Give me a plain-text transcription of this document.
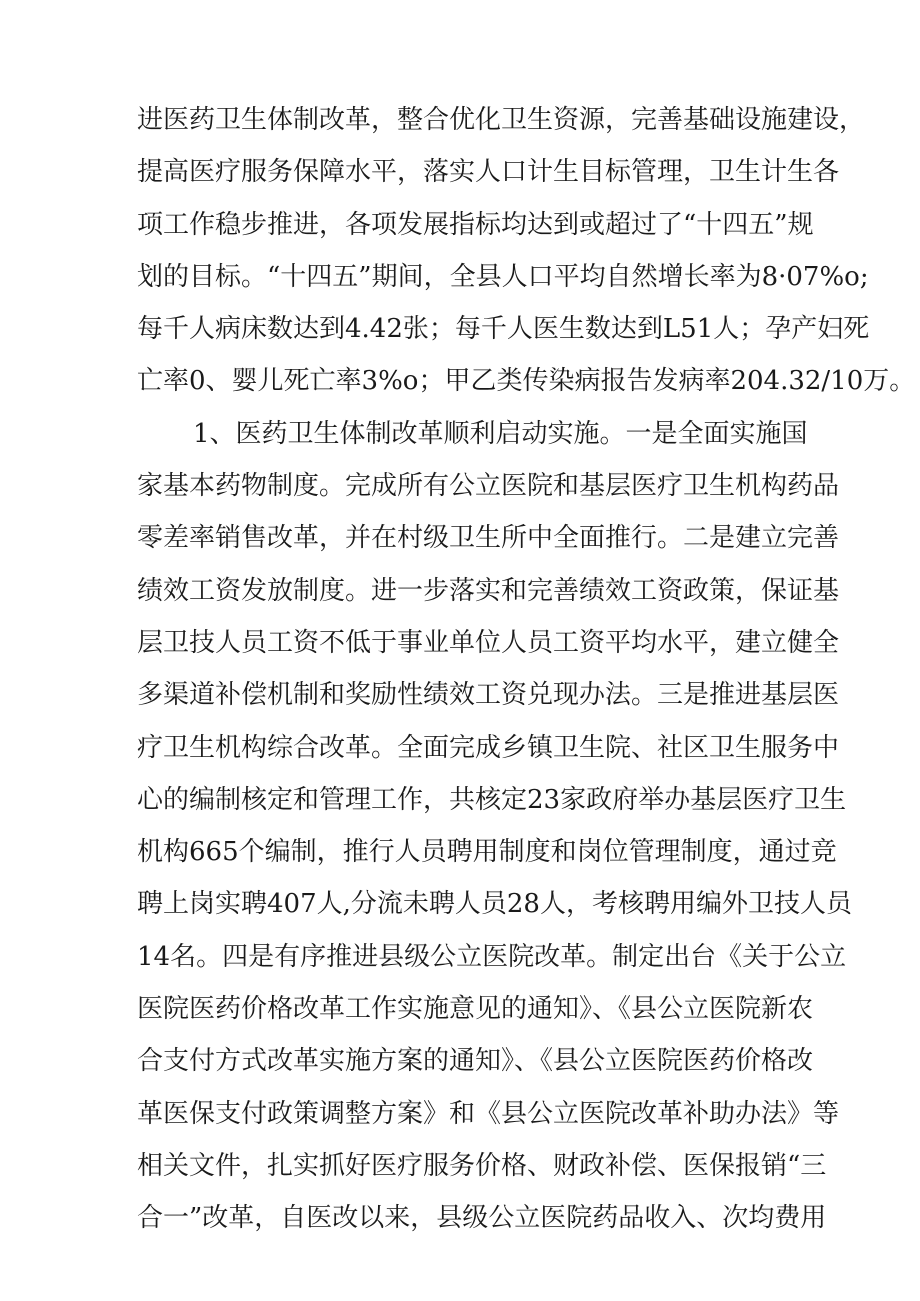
进医药卫生体制改革，整合优化卫生资源，完善基础设施建设，
提高医疗服务保障水平，落实人口计生目标管理，卫生计生各
项工作稳步推进，各项发展指标均达到或超过了“十四五”规
划的目标。“十四五”期间，全县人口平均自然增长率为8·07%o;
每千人病床数达到4.42张；每千人医生数达到L51人；孕产妇死
亡率0、婴儿死亡率3%o；甲乙类传染病报告发病率204.32/10万。
1、医药卫生体制改革顺利启动实施。一是全面实施国
家基本药物制度。完成所有公立医院和基层医疗卫生机构药品
零差率销售改革，并在村级卫生所中全面推行。二是建立完善
绩效工资发放制度。进一步落实和完善绩效工资政策，保证基
层卫技人员工资不低于事业单位人员工资平均水平，建立健全
多渠道补偿机制和奖励性绩效工资兑现办法。三是推进基层医
疗卫生机构综合改革。全面完成乡镇卫生院、社区卫生服务中
心的编制核定和管理工作，共核定23家政府举办基层医疗卫生
机构665个编制，推行人员聘用制度和岗位管理制度，通过竞
聘上岗实聘407人,分流未聘人员28人，考核聘用编外卫技人员
14名。四是有序推进县级公立医院改革。制定出台《关于公立
医院医药价格改革工作实施意见的通知》、《县公立医院新农
合支付方式改革实施方案的通知》、《县公立医院医药价格改
革医保支付政策调整方案》和《县公立医院改革补助办法》等
相关文件，扎实抓好医疗服务价格、财政补偿、医保报销“三
合一”改革，自医改以来，县级公立医院药品收入、次均费用
